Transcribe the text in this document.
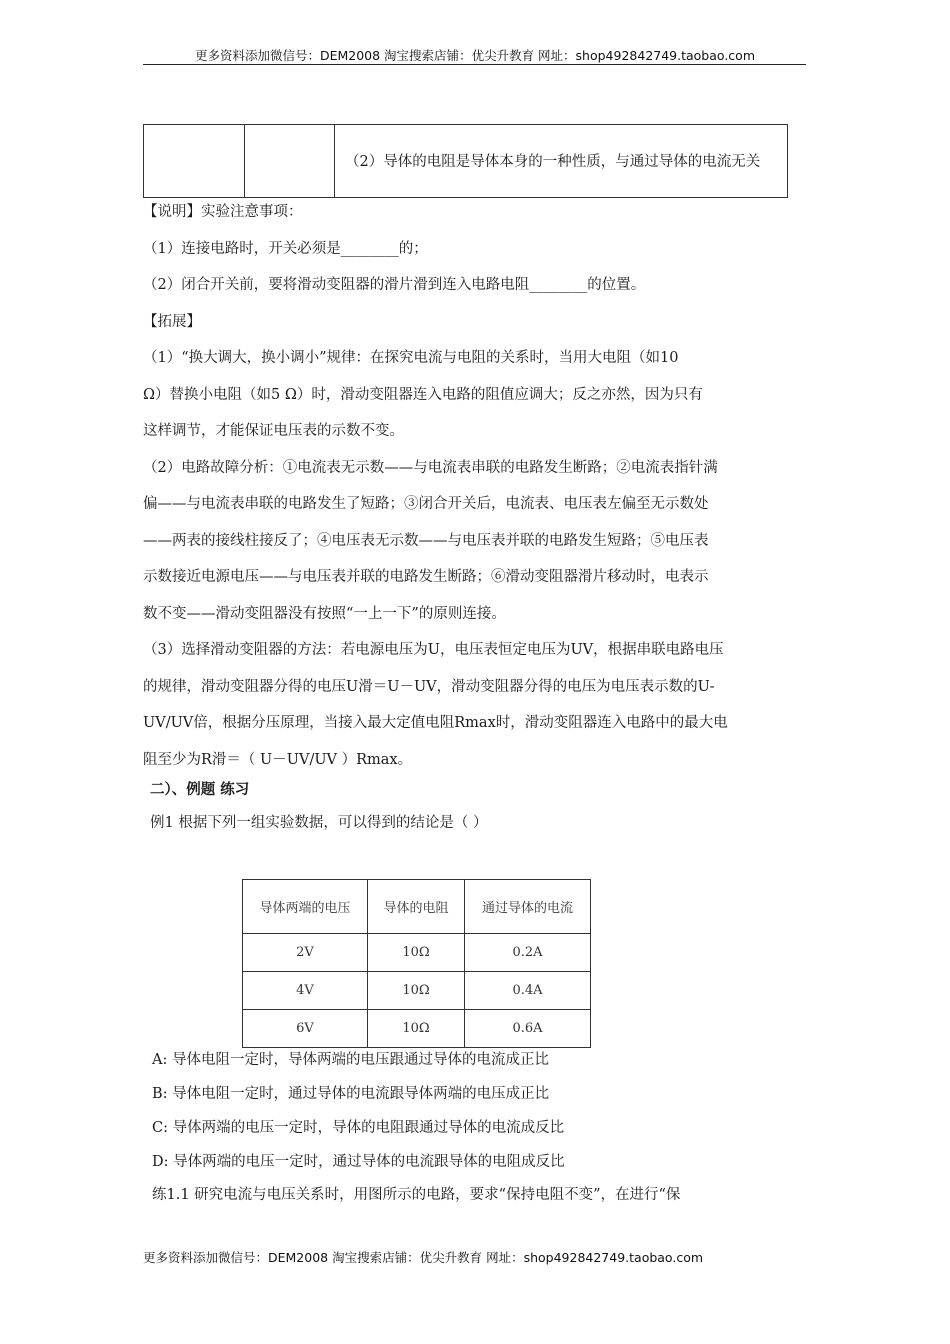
更多资料添加微信号：DEM2008 淘宝搜索店铺：优尖升教育 网址：shop492842749.taobao.com
（2）导体的电阻是导体本身的一种性质，与通过导体的电流无关
【说明】实验注意事项：
（1）连接电路时，开关必须是________的；
（2）闭合开关前，要将滑动变阻器的滑片滑到连入电路电阻________的位置。
【拓展】
（1）“换大调大，换小调小”规律：在探究电流与电阻的关系时，当用大电阻（如10
Ω）替换小电阻（如5 Ω）时，滑动变阻器连入电路的阻值应调大；反之亦然，因为只有
这样调节，才能保证电压表的示数不变。
（2）电路故障分析：①电流表无示数——与电流表串联的电路发生断路；②电流表指针满
偏——与电流表串联的电路发生了短路；③闭合开关后，电流表、电压表左偏至无示数处
——两表的接线柱接反了；④电压表无示数——与电压表并联的电路发生短路；⑤电压表
示数接近电源电压——与电压表并联的电路发生断路；⑥滑动变阻器滑片移动时，电表示
数不变——滑动变阻器没有按照“一上一下”的原则连接。
（3）选择滑动变阻器的方法：若电源电压为U，电压表恒定电压为UV，根据串联电路电压
的规律，滑动变阻器分得的电压U滑＝U－UV，滑动变阻器分得的电压为电压表示数的U-
UV/UV倍，根据分压原理，当接入最大定值电阻Rmax时，滑动变阻器连入电路中的最大电
阻至少为R滑＝（ U－UV/UV ）Rmax。
二）、例题 练习
例1 根据下列一组实验数据，可以得到的结论是（ ）
导体两端的电压	导体的电阻	通过导体的电流
2V	10Ω	0.2A
4V	10Ω	0.4A
6V	10Ω	0.6A
A: 导体电阻一定时，导体两端的电压跟通过导体的电流成正比
B: 导体电阻一定时，通过导体的电流跟导体两端的电压成正比
C: 导体两端的电压一定时，导体的电阻跟通过导体的电流成反比
D: 导体两端的电压一定时，通过导体的电流跟导体的电阻成反比
练1.1 研究电流与电压关系时，用图所示的电路，要求“保持电阻不变”，在进行“保
更多资料添加微信号：DEM2008 淘宝搜索店铺：优尖升教育 网址：shop492842749.taobao.com
